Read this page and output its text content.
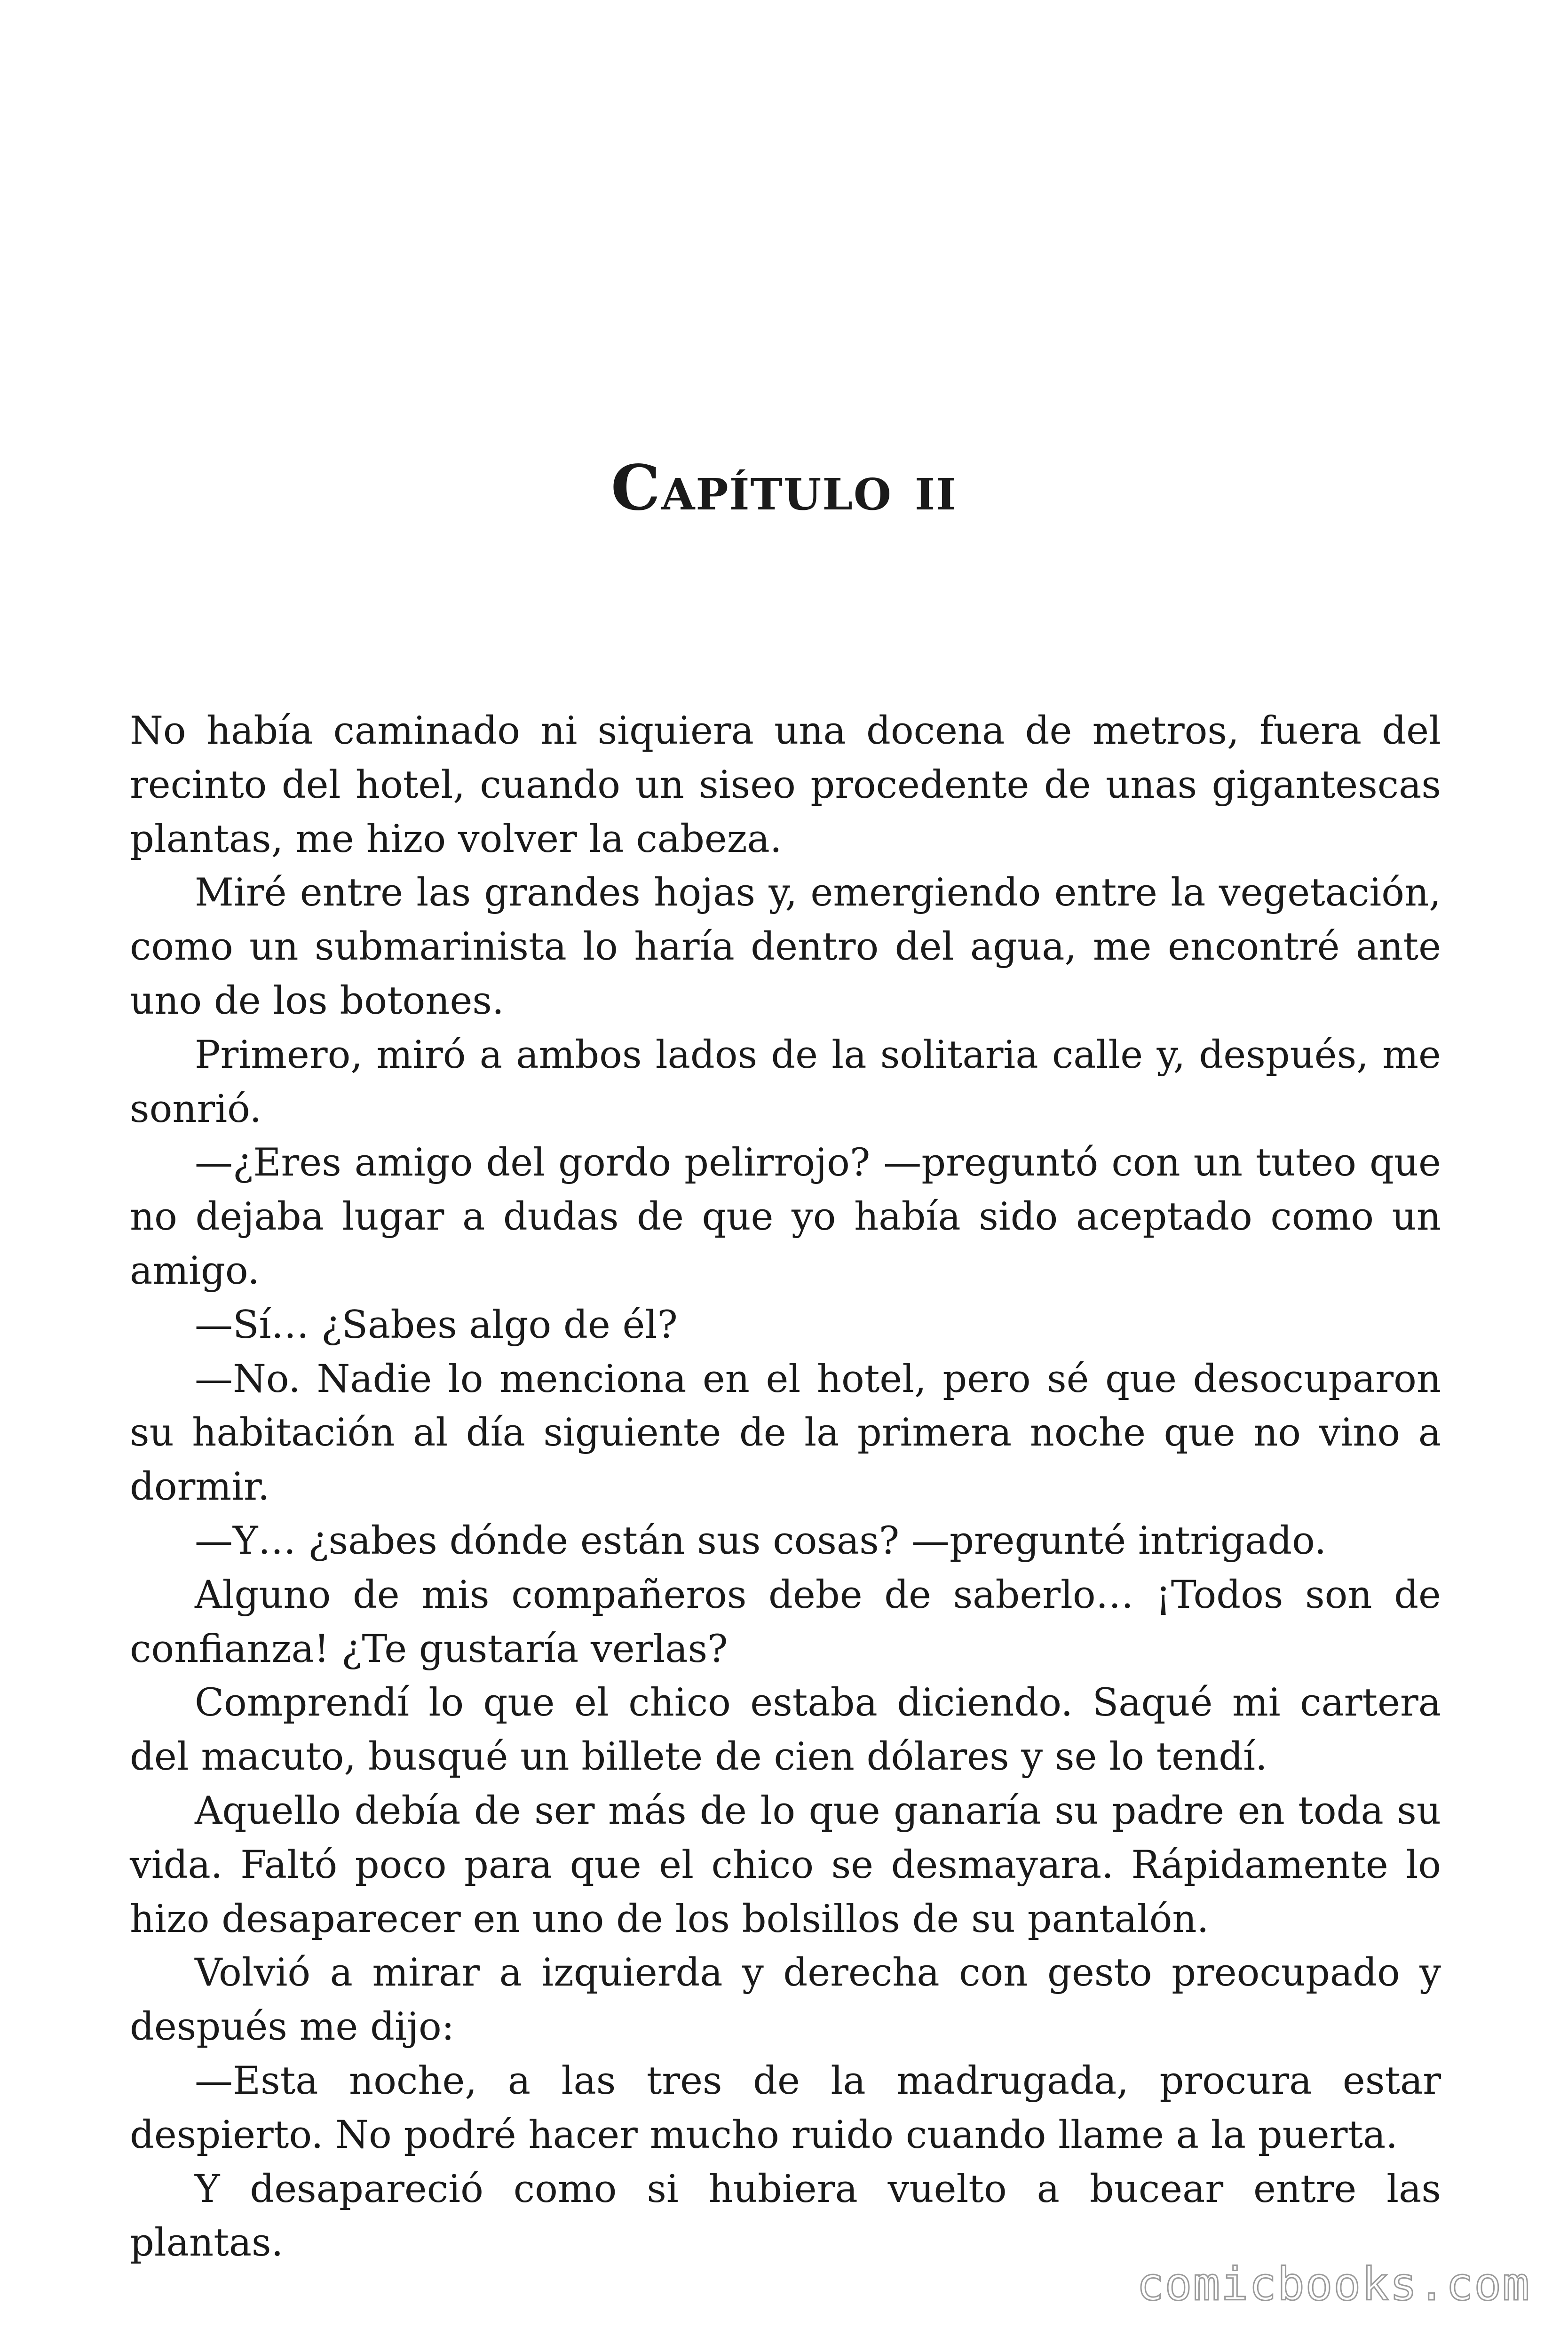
Capítulo ii

No había caminado ni siquiera una docena de metros, fuera del recinto del hotel, cuando un siseo procedente de unas gigantescas plantas, me hizo volver la cabeza.

Miré entre las grandes hojas y, emergiendo entre la vegetación, como un submarinista lo haría dentro del agua, me encontré ante uno de los botones.

Primero, miró a ambos lados de la solitaria calle y, después, me sonrió.

—¿Eres amigo del gordo pelirrojo? —preguntó con un tuteo que no dejaba lugar a dudas de que yo había sido aceptado como un amigo.

—Sí… ¿Sabes algo de él?

—No. Nadie lo menciona en el hotel, pero sé que desocuparon su habitación al día siguiente de la primera noche que no vino a dormir.

—Y… ¿sabes dónde están sus cosas? —pregunté intrigado.

Alguno de mis compañeros debe de saberlo… ¡Todos son de confianza! ¿Te gustaría verlas?

Comprendí lo que el chico estaba diciendo. Saqué mi cartera del macuto, busqué un billete de cien dólares y se lo tendí.

Aquello debía de ser más de lo que ganaría su padre en toda su vida. Faltó poco para que el chico se desmayara. Rápidamente lo hizo desaparecer en uno de los bolsillos de su pantalón.

Volvió a mirar a izquierda y derecha con gesto preocupado y después me dijo:

—Esta noche, a las tres de la madrugada, procura estar despierto. No podré hacer mucho ruido cuando llame a la puerta.

Y desapareció como si hubiera vuelto a bucear entre las plantas.

comicbooks.com
